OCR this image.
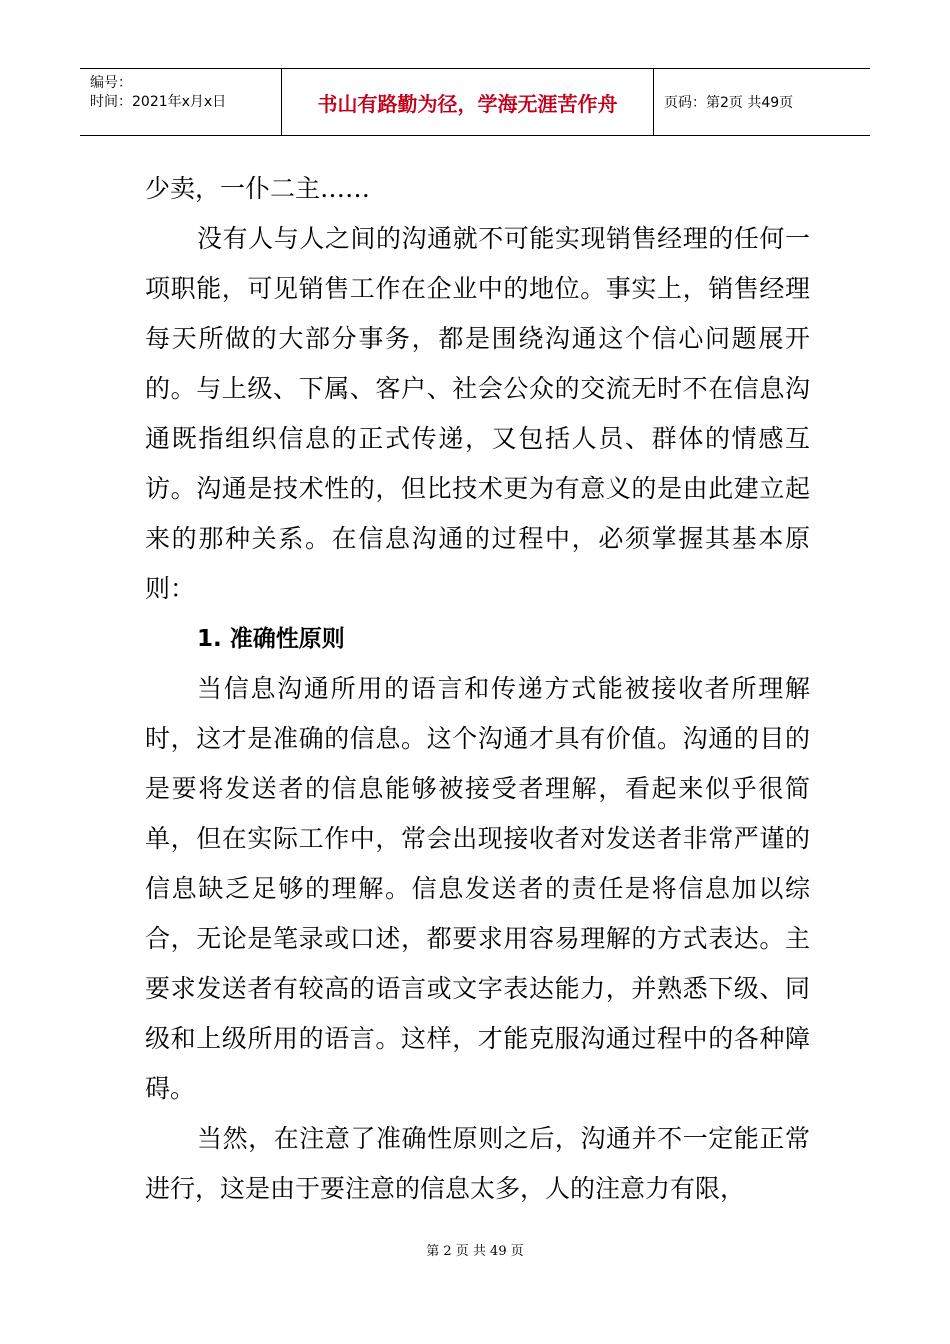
编号：
时间：2021年x月x日	书山有路勤为径，学海无涯苦作舟	页码：第2页 共49页

少卖，一仆二主……

没有人与人之间的沟通就不可能实现销售经理的任何一项职能，可见销售工作在企业中的地位。事实上，销售经理每天所做的大部分事务，都是围绕沟通这个信心问题展开的。与上级、下属、客户、社会公众的交流无时不在信息沟通既指组织信息的正式传递，又包括人员、群体的情感互访。沟通是技术性的，但比技术更为有意义的是由此建立起来的那种关系。在信息沟通的过程中，必须掌握其基本原则：

1. 准确性原则

当信息沟通所用的语言和传递方式能被接收者所理解时，这才是准确的信息。这个沟通才具有价值。沟通的目的是要将发送者的信息能够被接受者理解，看起来似乎很简单，但在实际工作中，常会出现接收者对发送者非常严谨的信息缺乏足够的理解。信息发送者的责任是将信息加以综合，无论是笔录或口述，都要求用容易理解的方式表达。主要求发送者有较高的语言或文字表达能力，并熟悉下级、同级和上级所用的语言。这样，才能克服沟通过程中的各种障碍。

当然，在注意了准确性原则之后，沟通并不一定能正常进行，这是由于要注意的信息太多，人的注意力有限，

第 2 页 共 49 页
